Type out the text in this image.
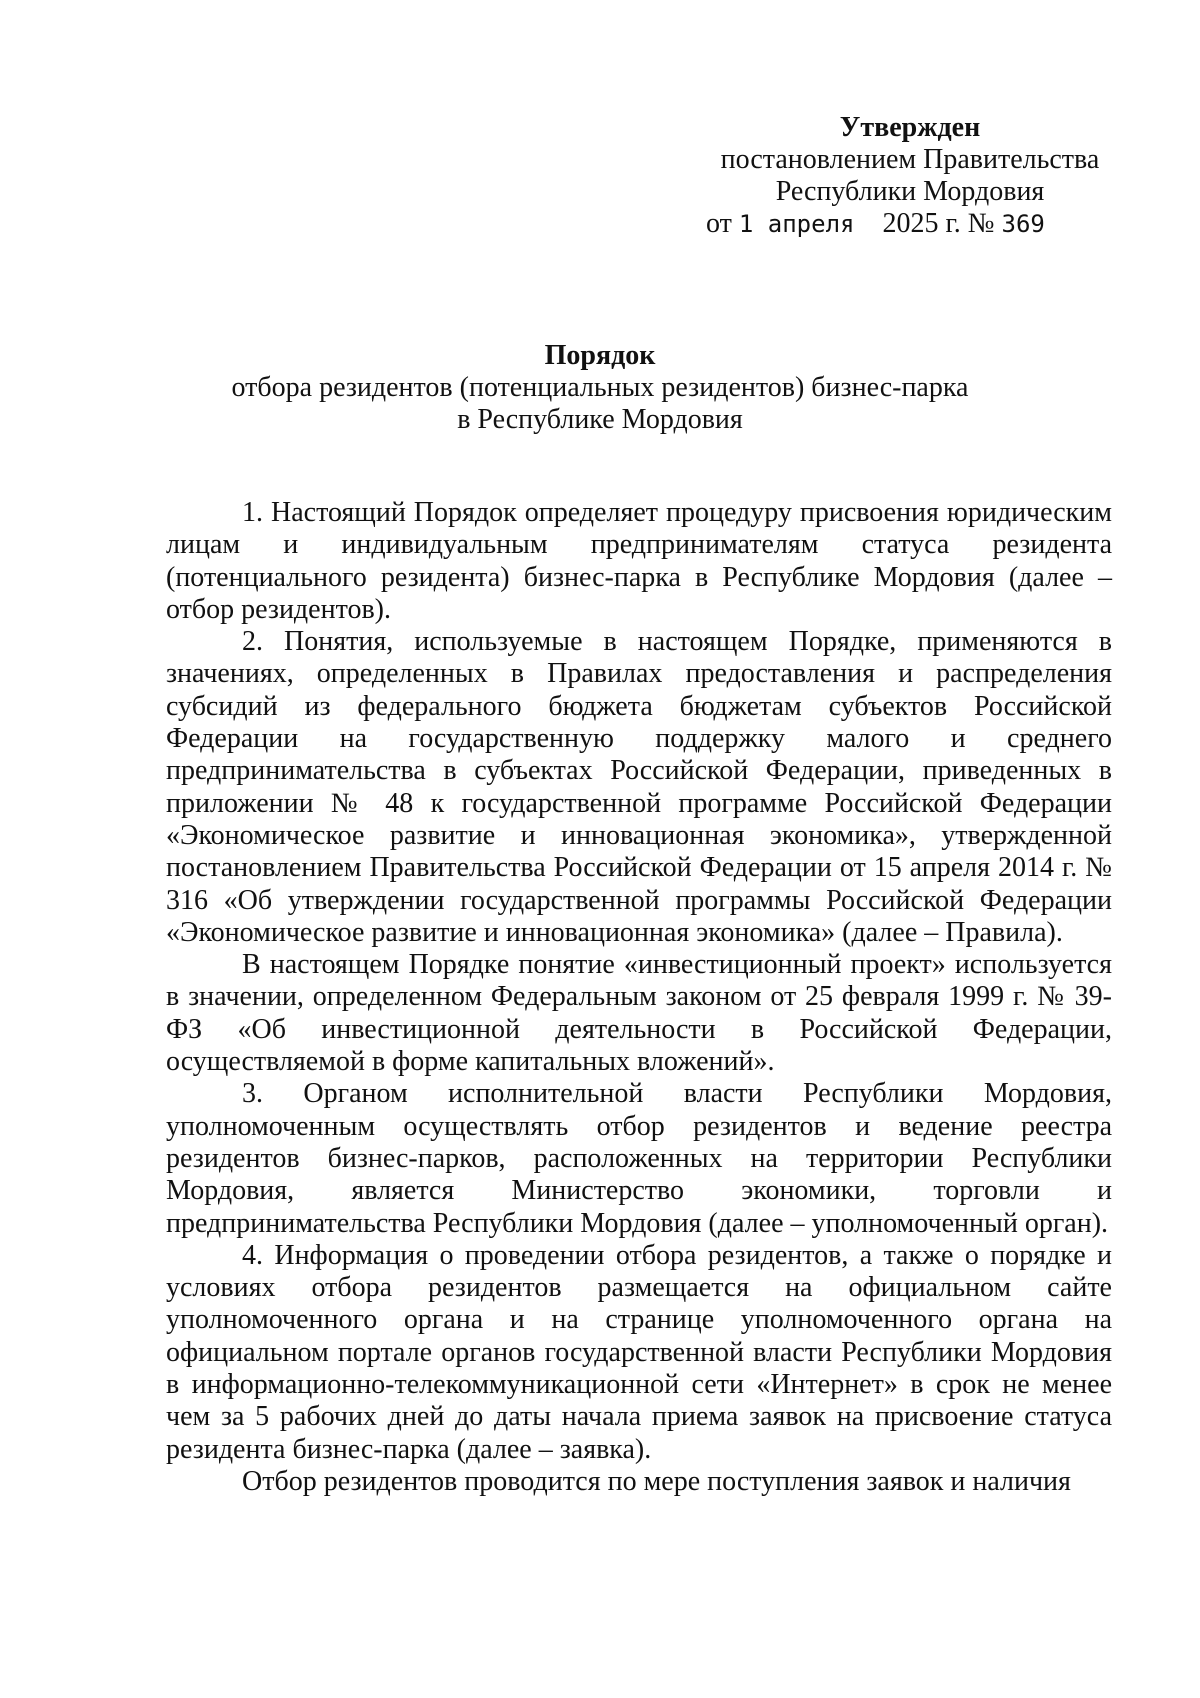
Утвержден
постановлением Правительства
Республики Мордовия
от 1 апреля 2025 г. № 369
Порядок
отбора резидентов (потенциальных резидентов) бизнес-парка
в Республике Мордовия

1. Настоящий Порядок определяет процедуру присвоения юридическим лицам и индивидуальным предпринимателям статуса резидента (потенциального резидента) бизнес-парка в Республике Мордовия (далее – отбор резидентов).

2. Понятия, используемые в настоящем Порядке, применяются в значениях, определенных в Правилах предоставления и распределения субсидий из федерального бюджета бюджетам субъектов Российской Федерации на государственную поддержку малого и среднего предпринимательства в субъектах Российской Федерации, приведенных в приложении № 48 к государственной программе Российской Федерации «Экономическое развитие и инновационная экономика», утвержденной постановлением Правительства Российской Федерации от 15 апреля 2014 г. № 316 «Об утверждении государственной программы Российской Федерации «Экономическое развитие и инновационная экономика» (далее – Правила).

В настоящем Порядке понятие «инвестиционный проект» используется в значении, определенном Федеральным законом от 25 февраля 1999 г. № 39-ФЗ «Об инвестиционной деятельности в Российской Федерации, осуществляемой в форме капитальных вложений».

3. Органом исполнительной власти Республики Мордовия, уполномоченным осуществлять отбор резидентов и ведение реестра резидентов бизнес-парков, расположенных на территории Республики Мордовия, является Министерство экономики, торговли и предпринимательства Республики Мордовия (далее – уполномоченный орган).

4. Информация о проведении отбора резидентов, а также о порядке и условиях отбора резидентов размещается на официальном сайте уполномоченного органа и на странице уполномоченного органа на официальном портале органов государственной власти Республики Мордовия в информационно-телекоммуникационной сети «Интернет» в срок не менее чем за 5 рабочих дней до даты начала приема заявок на присвоение статуса резидента бизнес-парка (далее – заявка).

Отбор резидентов проводится по мере поступления заявок и наличия
